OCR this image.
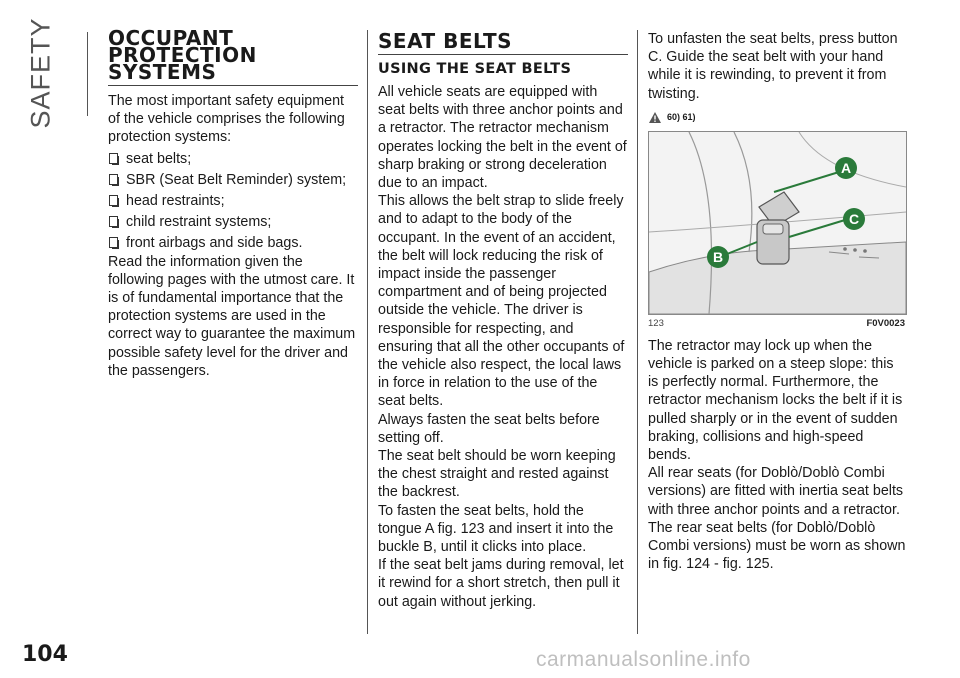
SAFETY	OCCUPANT
PROTECTION
SYSTEMS

The most important safety equipment of the vehicle comprises the following protection systems:

seat belts;
SBR (Seat Belt Reminder) system;
head restraints;
child restraint systems;
front airbags and side bags.

Read the information given the following pages with the utmost care. It is of fundamental importance that the protection systems are used in the correct way to guarantee the maximum possible safety level for the driver and the passengers.

SEAT BELTS
USING THE SEAT BELTS

All vehicle seats are equipped with seat belts with three anchor points and a retractor. The retractor mechanism operates locking the belt in the event of sharp braking or strong deceleration due to an impact.

This allows the belt strap to slide freely and to adapt to the body of the occupant. In the event of an accident, the belt will lock reducing the risk of impact inside the passenger compartment and of being projected outside the vehicle. The driver is responsible for respecting, and ensuring that all the other occupants of the vehicle also respect, the local laws in force in relation to the use of the seat belts.

Always fasten the seat belts before setting off.

The seat belt should be worn keeping the chest straight and rested against the backrest.

To fasten the seat belts, hold the tongue A fig. 123 and insert it into the buckle B, until it clicks into place.

If the seat belt jams during removal, let it rewind for a short stretch, then pull it out again without jerking.

To unfasten the seat belts, press button C. Guide the seat belt with your hand while it is rewinding, to prevent it from twisting.

60) 61)
A
C
B
123	F0V0023

The retractor may lock up when the vehicle is parked on a steep slope: this is perfectly normal. Furthermore, the retractor mechanism locks the belt if it is pulled sharply or in the event of sudden braking, collisions and high-speed bends.

All rear seats (for Doblò/Doblò Combi versions) are fitted with inertia seat belts with three anchor points and a retractor.

The rear seat belts (for Doblò/Doblò Combi versions) must be worn as shown in fig. 124 - fig. 125.

104	carmanualsonline.info
